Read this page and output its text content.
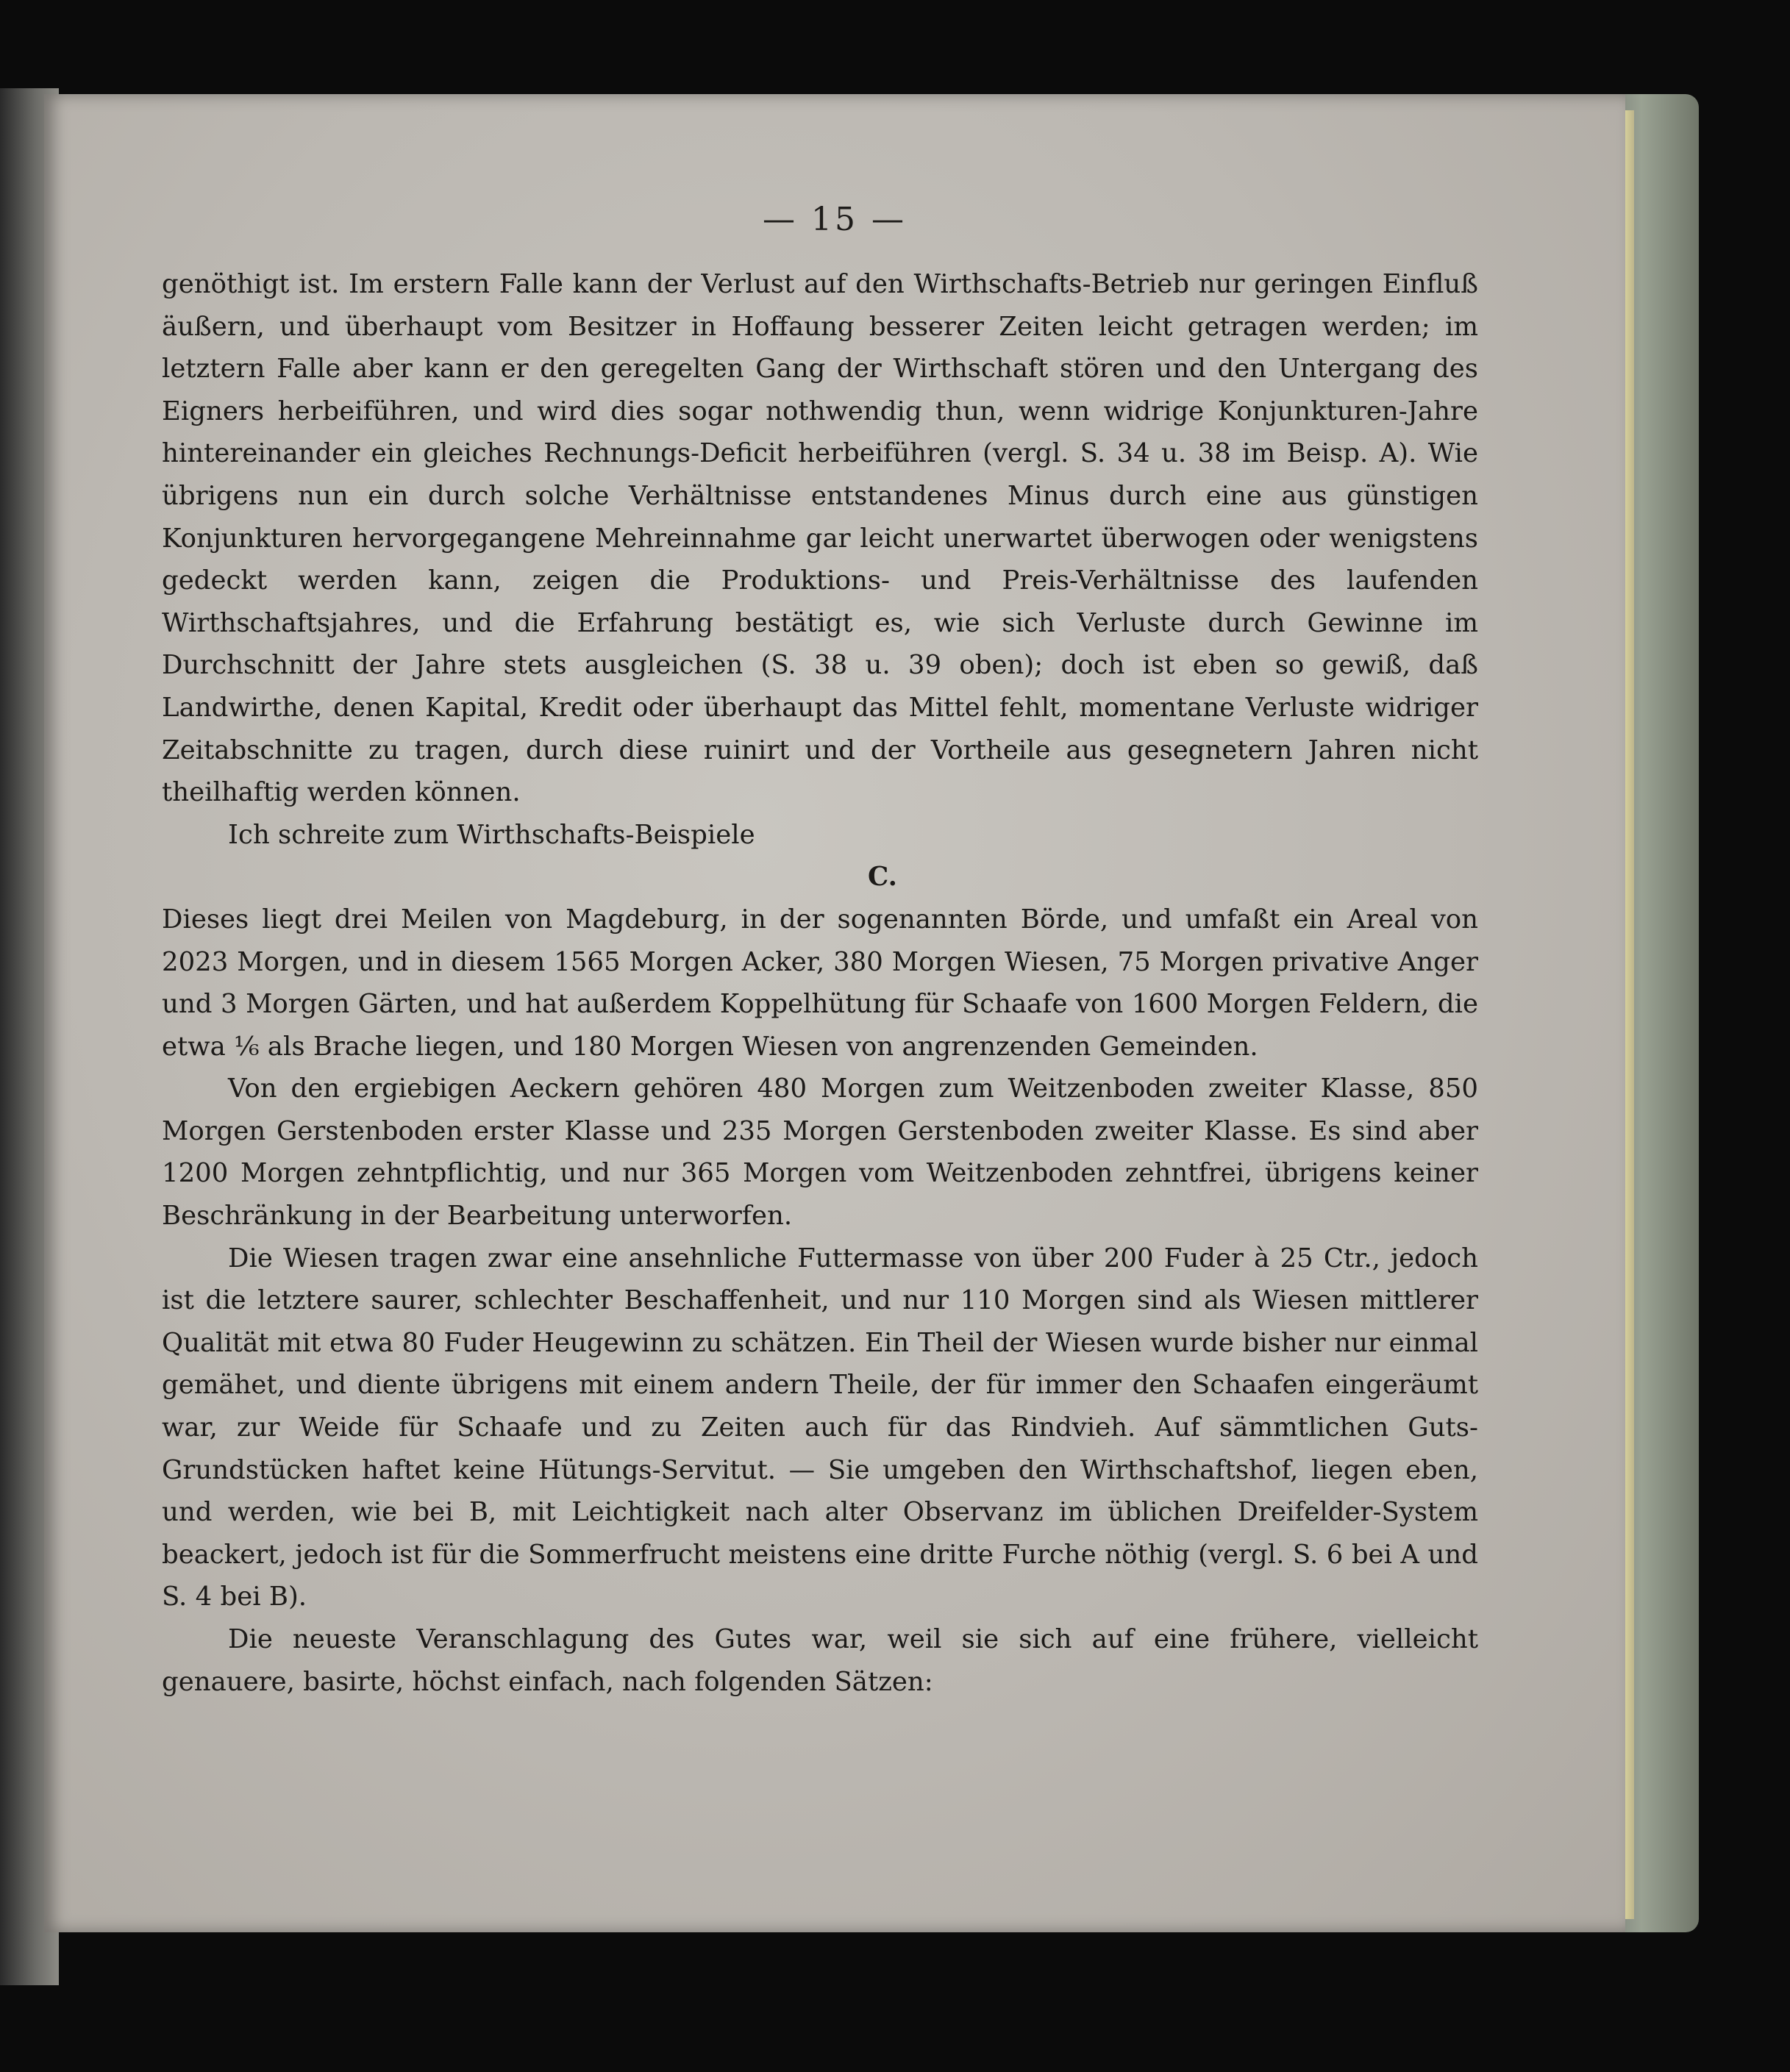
— 15 —

genöthigt ist. Im erstern Falle kann der Verlust auf den Wirthschafts-Betrieb nur geringen Einfluß äußern, und überhaupt vom Besitzer in Hoffaung besserer Zeiten leicht getragen werden; im letztern Falle aber kann er den geregelten Gang der Wirthschaft stören und den Untergang des Eigners herbeiführen, und wird dies sogar nothwendig thun, wenn widrige Konjunkturen-Jahre hintereinander ein gleiches Rechnungs-Deficit herbeiführen (vergl. S. 34 u. 38 im Beisp. A). Wie übrigens nun ein durch solche Verhältnisse entstandenes Minus durch eine aus günstigen Konjunkturen hervorgegangene Mehreinnahme gar leicht unerwartet überwogen oder wenigstens gedeckt werden kann, zeigen die Produktions- und Preis-Verhältnisse des laufenden Wirthschaftsjahres, und die Erfahrung bestätigt es, wie sich Verluste durch Gewinne im Durchschnitt der Jahre stets ausgleichen (S. 38 u. 39 oben); doch ist eben so gewiß, daß Landwirthe, denen Kapital, Kredit oder überhaupt das Mittel fehlt, momentane Verluste widriger Zeitabschnitte zu tragen, durch diese ruinirt und der Vortheile aus gesegnetern Jahren nicht theilhaftig werden können.

Ich schreite zum Wirthschafts-Beispiele

C.

Dieses liegt drei Meilen von Magdeburg, in der sogenannten Börde, und umfaßt ein Areal von 2023 Morgen, und in diesem 1565 Morgen Acker, 380 Morgen Wiesen, 75 Morgen privative Anger und 3 Morgen Gärten, und hat außerdem Koppelhütung für Schaafe von 1600 Morgen Feldern, die etwa ⅙ als Brache liegen, und 180 Morgen Wiesen von angrenzenden Gemeinden.

Von den ergiebigen Aeckern gehören 480 Morgen zum Weitzenboden zweiter Klasse, 850 Morgen Gerstenboden erster Klasse und 235 Morgen Gerstenboden zweiter Klasse. Es sind aber 1200 Morgen zehntpflichtig, und nur 365 Morgen vom Weitzenboden zehntfrei, übrigens keiner Beschränkung in der Bearbeitung unterworfen.

Die Wiesen tragen zwar eine ansehnliche Futtermasse von über 200 Fuder à 25 Ctr., jedoch ist die letztere saurer, schlechter Beschaffenheit, und nur 110 Morgen sind als Wiesen mittlerer Qualität mit etwa 80 Fuder Heugewinn zu schätzen. Ein Theil der Wiesen wurde bisher nur einmal gemähet, und diente übrigens mit einem andern Theile, der für immer den Schaafen eingeräumt war, zur Weide für Schaafe und zu Zeiten auch für das Rindvieh. Auf sämmtlichen Guts-Grundstücken haftet keine Hütungs-Servitut. — Sie umgeben den Wirthschaftshof, liegen eben, und werden, wie bei B, mit Leichtigkeit nach alter Observanz im üblichen Dreifelder-System beackert, jedoch ist für die Sommerfrucht meistens eine dritte Furche nöthig (vergl. S. 6 bei A und S. 4 bei B).

Die neueste Veranschlagung des Gutes war, weil sie sich auf eine frühere, vielleicht genauere, basirte, höchst einfach, nach folgenden Sätzen:
